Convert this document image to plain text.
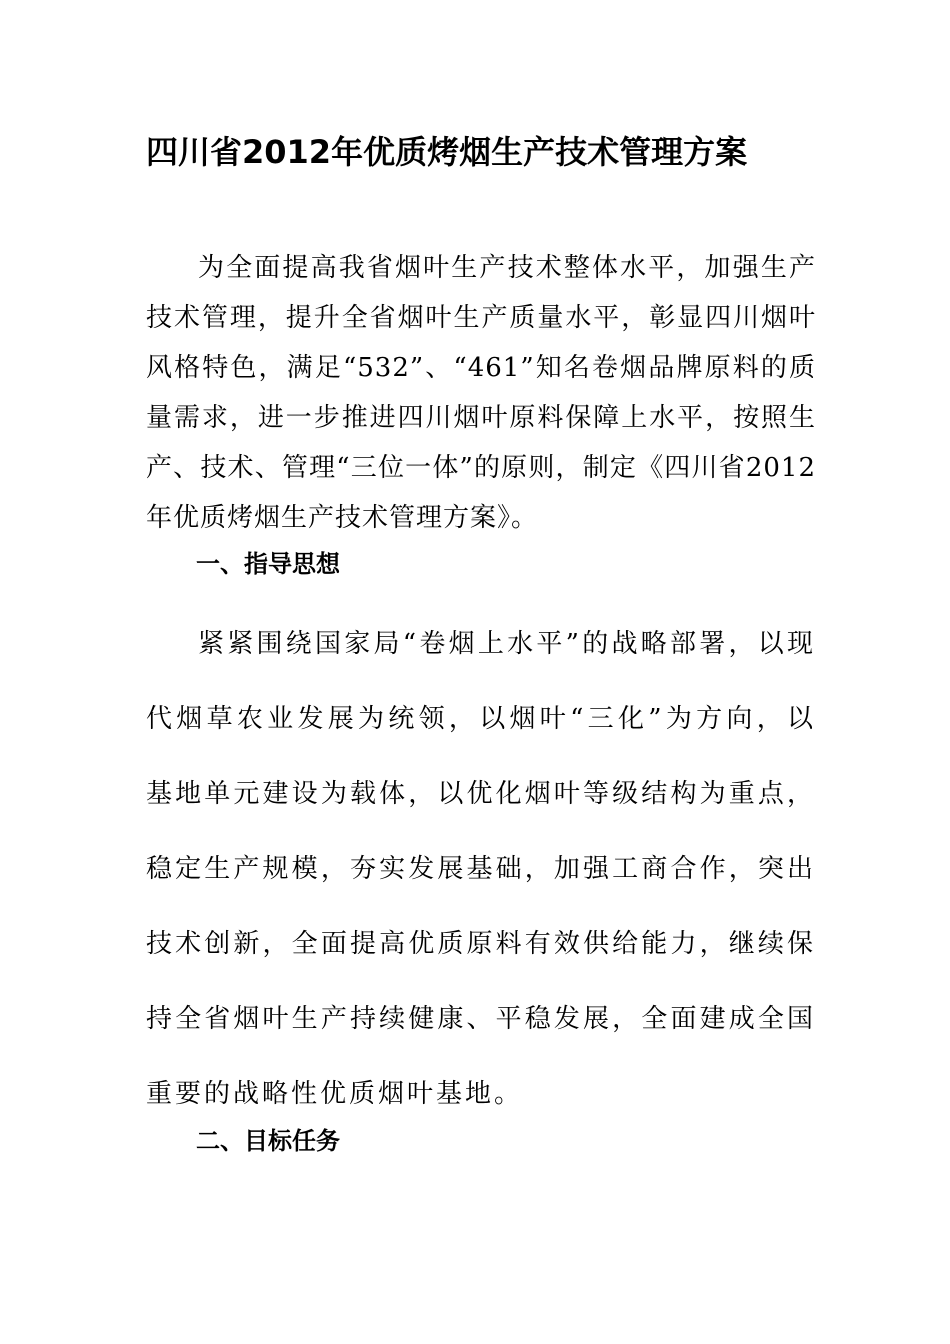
四川省2012年优质烤烟生产技术管理方案

为全面提高我省烟叶生产技术整体水平，加强生产技术管理，提升全省烟叶生产质量水平，彰显四川烟叶风格特色，满足“532”、“461”知名卷烟品牌原料的质量需求，进一步推进四川烟叶原料保障上水平，按照生产、技术、管理“三位一体”的原则，制定《四川省2012年优质烤烟生产技术管理方案》。

一、指导思想

紧紧围绕国家局“卷烟上水平”的战略部署，以现代烟草农业发展为统领，以烟叶“三化”为方向，以基地单元建设为载体，以优化烟叶等级结构为重点，稳定生产规模，夯实发展基础，加强工商合作，突出技术创新，全面提高优质原料有效供给能力，继续保持全省烟叶生产持续健康、平稳发展，全面建成全国重要的战略性优质烟叶基地。

二、目标任务
